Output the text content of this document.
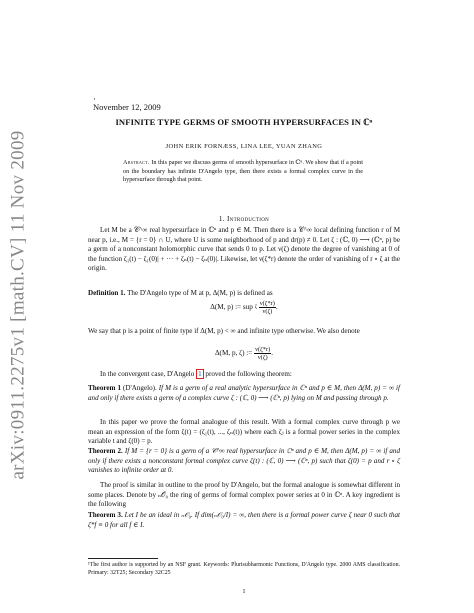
arXiv:0911.2275v1 [math.CV] 11 Nov 2009
·
November 12, 2009
INFINITE TYPE GERMS OF SMOOTH HYPERSURFACES IN ℂⁿ
JOHN ERIK FORNÆSS, LINA LEE, YUAN ZHANG
Abstract. In this paper we discuss germs of smooth hypersurface in ℂⁿ. We show that if a point on the boundary has infinite D'Angelo type, then there exists a formal complex curve in the hypersurface through that point.
1. Introduction

Let M be a 𝒞^∞ real hypersurface in ℂⁿ and p ∈ M. Then there is a 𝒞^∞ local defining function r of M near p, i.e., M = {r = 0} ∩ U, where U is some neighborhood of p and dr(p) ≠ 0. Let ζ : (ℂ, 0) ⟶ (ℂⁿ, p) be a germ of a nonconstant holomorphic curve that sends 0 to p. Let ν(ζ) denote the degree of vanishing at 0 of the function ζ₁(t) − ζ₁(0)| + ··· + ζₙ(t) − ζₙ(0)|. Likewise, let ν(ζ*r) denote the order of vanishing of r ∘ ζ at the origin.

Definition 1. The D'Angelo type of M at p, Δ(M, p) is defined as

Δ(M, p) := sup ζ
$\frac{\nu(\zeta*r)}{\nu(\zeta)}$ .

We say that p is a point of finite type if Δ(M, p) < ∞ and infinite type otherwise. We also denote

Δ(M, p, ζ) := $\frac{\nu(\zeta*r)}{\nu(\zeta)}$ .

In the convergent case, D'Angelo 1 proved the following theorem:

Theorem 1 (D'Angelo). If M is a germ of a real analytic hypersurface in ℂⁿ and p ∈ M, then Δ(M, p) = ∞ if and only if there exists a germ of a complex curve ζ : (ℂ, 0) ⟶ (ℂⁿ, p) lying on M and passing through p.

In this paper we prove the formal analogue of this result. With a formal complex curve through p we mean an expression of the form ζ(t) = (ζ₁(t), ..., ζₙ(t)) where each ζⱼ is a formal power series in the complex variable t and ζ(0) = p.

Theorem 2. If M = {r = 0} is a germ of a 𝒞^∞ real hypersurface in ℂⁿ and p ∈ M, then Δ(M, p) = ∞ if and only if there exists a nonconstant formal complex curve ζ(t) : (ℂ, 0) ⟶ (ℂⁿ, p) such that ζ(0) = p and r ∘ ζ vanishes to infinite order at 0.

The proof is similar in outline to the proof by D'Angelo, but the formal analogue is somewhat different in some places. Denote by ₙ𝒪₀ the ring of germs of formal complex power series at 0 in ℂⁿ. A key ingredient is the following

Theorem 3. Let I be an ideal in ₙ𝒪₀. If dim(ₙ𝒪₀/I) = ∞, then there is a formal power curve ζ near 0 such that ζ*f ≡ 0 for all f ∈ I.

¹The first author is supported by an NSF grant. Keywords: Plurisubharmonic Functions, D'Angelo type. 2000 AMS classification. Primary: 32T25; Secondary 32C25
1
